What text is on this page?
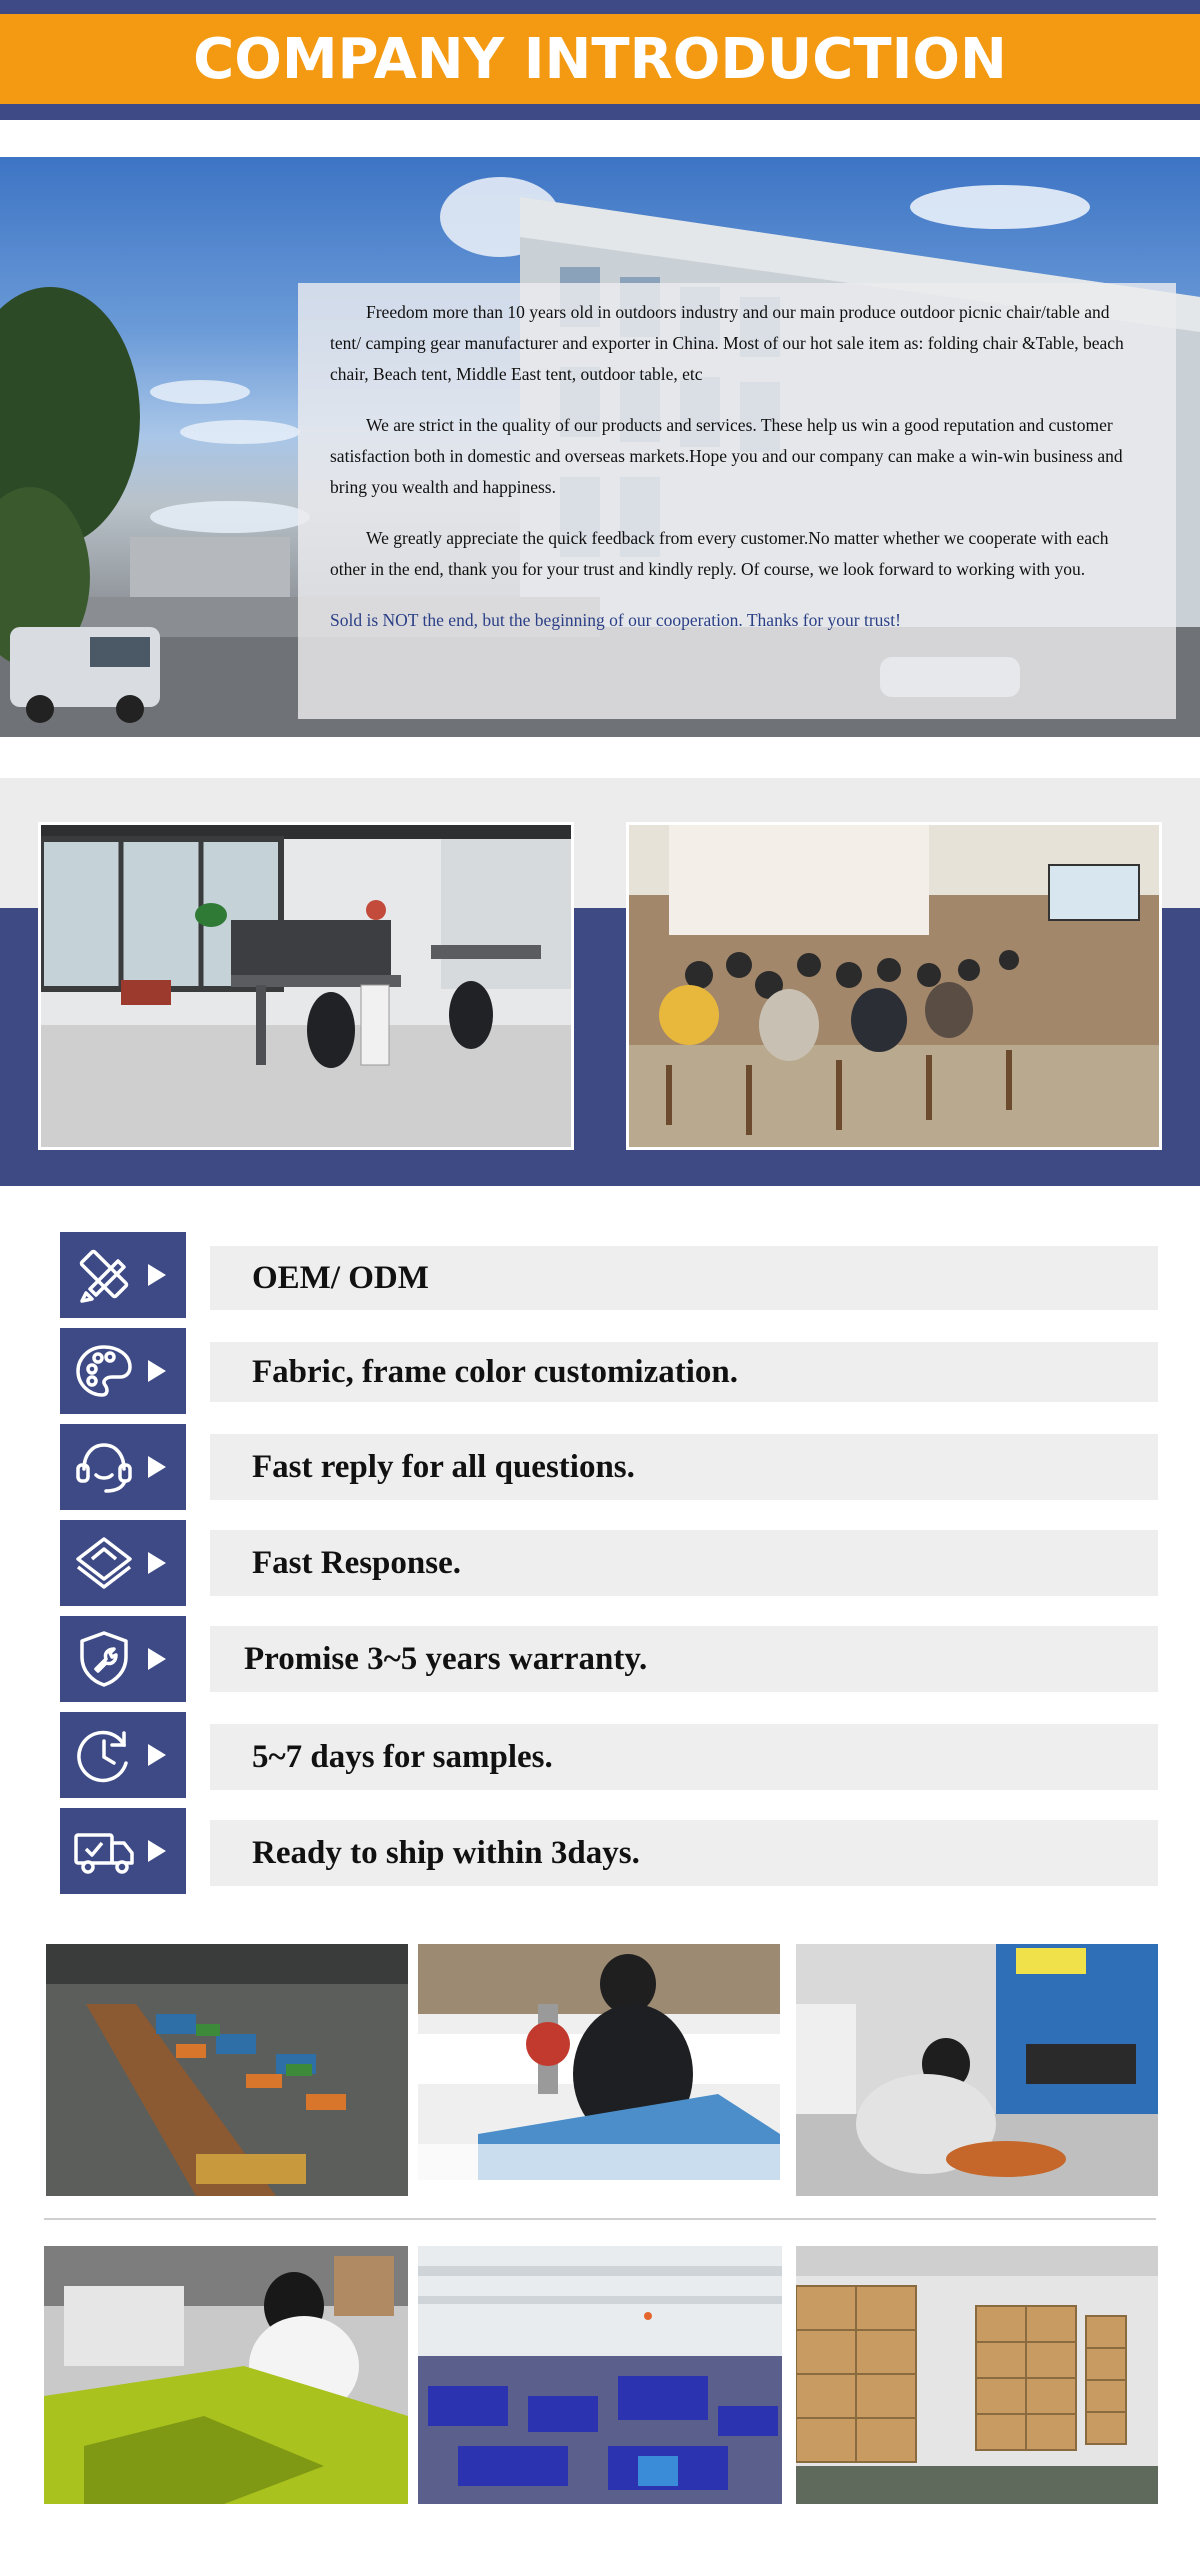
COMPANY INTRODUCTION

Freedom more than 10 years old in outdoors industry and our main produce outdoor picnic chair/table and tent/ camping gear manufacturer and exporter in China. Most of our hot sale item as: folding chair &Table, beach chair, Beach tent, Middle East tent, outdoor table, etc

We are strict in the quality of our products and services. These help us win a good reputation and customer satisfaction both in domestic and overseas markets.Hope you and our company can make a win-win business and bring you wealth and happiness.

We greatly appreciate the quick feedback from every customer.No matter whether we cooperate with each other in the end, thank you for your trust and kindly reply. Of course, we look forward to working with you.

Sold is NOT the end, but the beginning of our cooperation. Thanks for your trust!

OEM/ ODM
Fabric, frame color customization.
Fast reply for all questions.
Fast Response.
Promise 3~5 years warranty.
5~7 days for samples.
Ready to ship within 3days.
